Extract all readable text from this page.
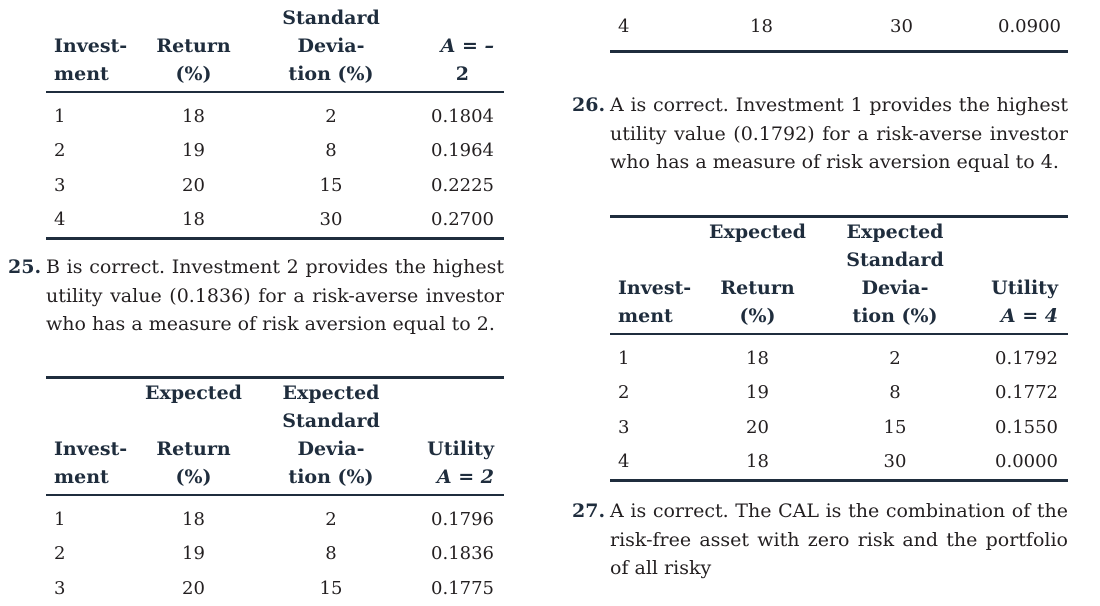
Invest-	Return	Standard Devia-	A = –
ment	(%)	tion (%)	2
1	18	2	0.1804
2	19	8	0.1964
3	20	15	0.2225
4	18	30	0.2700
25. B is correct. Investment 2 provides the highest utility value (0.1836) for a risk-averse investor who has a measure of risk aversion equal to 2.
	Expected	Expected	
Invest-	Return	Standard Devia-	Utility
ment	(%)	tion (%)	A = 2
1	18	2	0.1796
2	19	8	0.1836
3	20	15	0.1775
4	18	30	0.0900
26. A is correct. Investment 1 provides the highest utility value (0.1792) for a risk-averse investor who has a measure of risk aversion equal to 4.
	Expected	Expected	
Invest-	Return	Standard Devia-	Utility
ment	(%)	tion (%)	A = 4
1	18	2	0.1792
2	19	8	0.1772
3	20	15	0.1550
4	18	30	0.0000
27. A is correct. The CAL is the combination of the risk-free asset with zero risk and the portfolio of all risky
